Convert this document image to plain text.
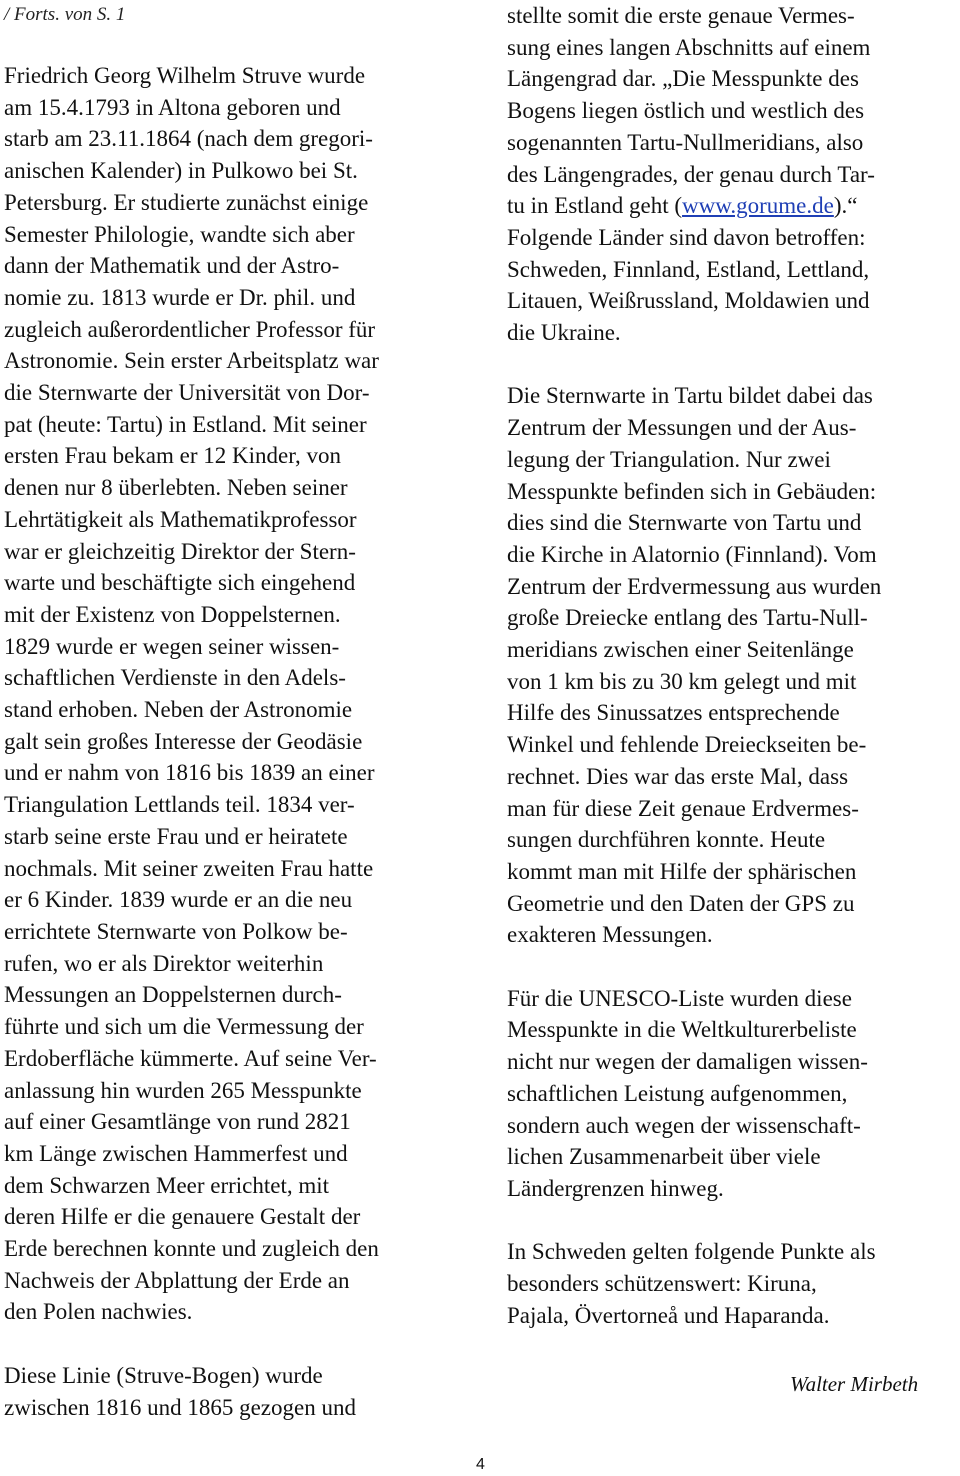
/ Forts. von S. 1
Friedrich Georg Wilhelm Struve wurde
am 15.4.1793 in Altona geboren und
starb am 23.11.1864 (nach dem gregori-
anischen Kalender) in Pulkowo bei St.
Petersburg. Er studierte zunächst einige
Semester Philologie, wandte sich aber
dann der Mathematik und der Astro-
nomie zu. 1813 wurde er Dr. phil. und
zugleich außerordentlicher Professor für
Astronomie. Sein erster Arbeitsplatz war
die Sternwarte der Universität von Dor-
pat (heute: Tartu) in Estland. Mit seiner
ersten Frau bekam er 12 Kinder, von
denen nur 8 überlebten. Neben seiner
Lehrtätigkeit als Mathematikprofessor
war er gleichzeitig Direktor der Stern-
warte und beschäftigte sich eingehend
mit der Existenz von Doppelsternen.
1829 wurde er wegen seiner wissen-
schaftlichen Verdienste in den Adels-
stand erhoben. Neben der Astronomie
galt sein großes Interesse der Geodäsie
und er nahm von 1816 bis 1839 an einer
Triangulation Lettlands teil. 1834 ver-
starb seine erste Frau und er heiratete
nochmals. Mit seiner zweiten Frau hatte
er 6 Kinder. 1839 wurde er an die neu
errichtete Sternwarte von Polkow be-
rufen, wo er als Direktor weiterhin
Messungen an Doppelsternen durch-
führte und sich um die Vermessung der
Erdoberfläche kümmerte. Auf seine Ver-
anlassung hin wurden 265 Messpunkte
auf einer Gesamtlänge von rund 2821
km Länge zwischen Hammerfest und
dem Schwarzen Meer errichtet, mit
deren Hilfe er die genauere Gestalt der
Erde berechnen konnte und zugleich den
Nachweis der Abplattung der Erde an
den Polen nachwies.
Diese Linie (Struve-Bogen) wurde
zwischen 1816 und 1865 gezogen und
stellte somit die erste genaue Vermes-
sung eines langen Abschnitts auf einem
Längengrad dar. „Die Messpunkte des
Bogens liegen östlich und westlich des
sogenannten Tartu-Nullmeridians, also
des Längengrades, der genau durch Tar-
tu in Estland geht (www.gorume.de).“
Folgende Länder sind davon betroffen:
Schweden, Finnland, Estland, Lettland,
Litauen, Weißrussland, Moldawien und
die Ukraine.
Die Sternwarte in Tartu bildet dabei das
Zentrum der Messungen und der Aus-
legung der Triangulation. Nur zwei
Messpunkte befinden sich in Gebäuden:
dies sind die Sternwarte von Tartu und
die Kirche in Alatornio (Finnland). Vom
Zentrum der Erdvermessung aus wurden
große Dreiecke entlang des Tartu-Null-
meridians zwischen einer Seitenlänge
von 1 km bis zu 30 km gelegt und mit
Hilfe des Sinussatzes entsprechende
Winkel und fehlende Dreieckseiten be-
rechnet. Dies war das erste Mal, dass
man für diese Zeit genaue Erdvermes-
sungen durchführen konnte. Heute
kommt man mit Hilfe der sphärischen
Geometrie und den Daten der GPS zu
exakteren Messungen.
Für die UNESCO-Liste wurden diese
Messpunkte in die Weltkulturerbeliste
nicht nur wegen der damaligen wissen-
schaftlichen Leistung aufgenommen,
sondern auch wegen der wissenschaft-
lichen Zusammenarbeit über viele
Ländergrenzen hinweg.
In Schweden gelten folgende Punkte als
besonders schützenswert: Kiruna,
Pajala, Övertorneå und Haparanda.
Walter Mirbeth
4
